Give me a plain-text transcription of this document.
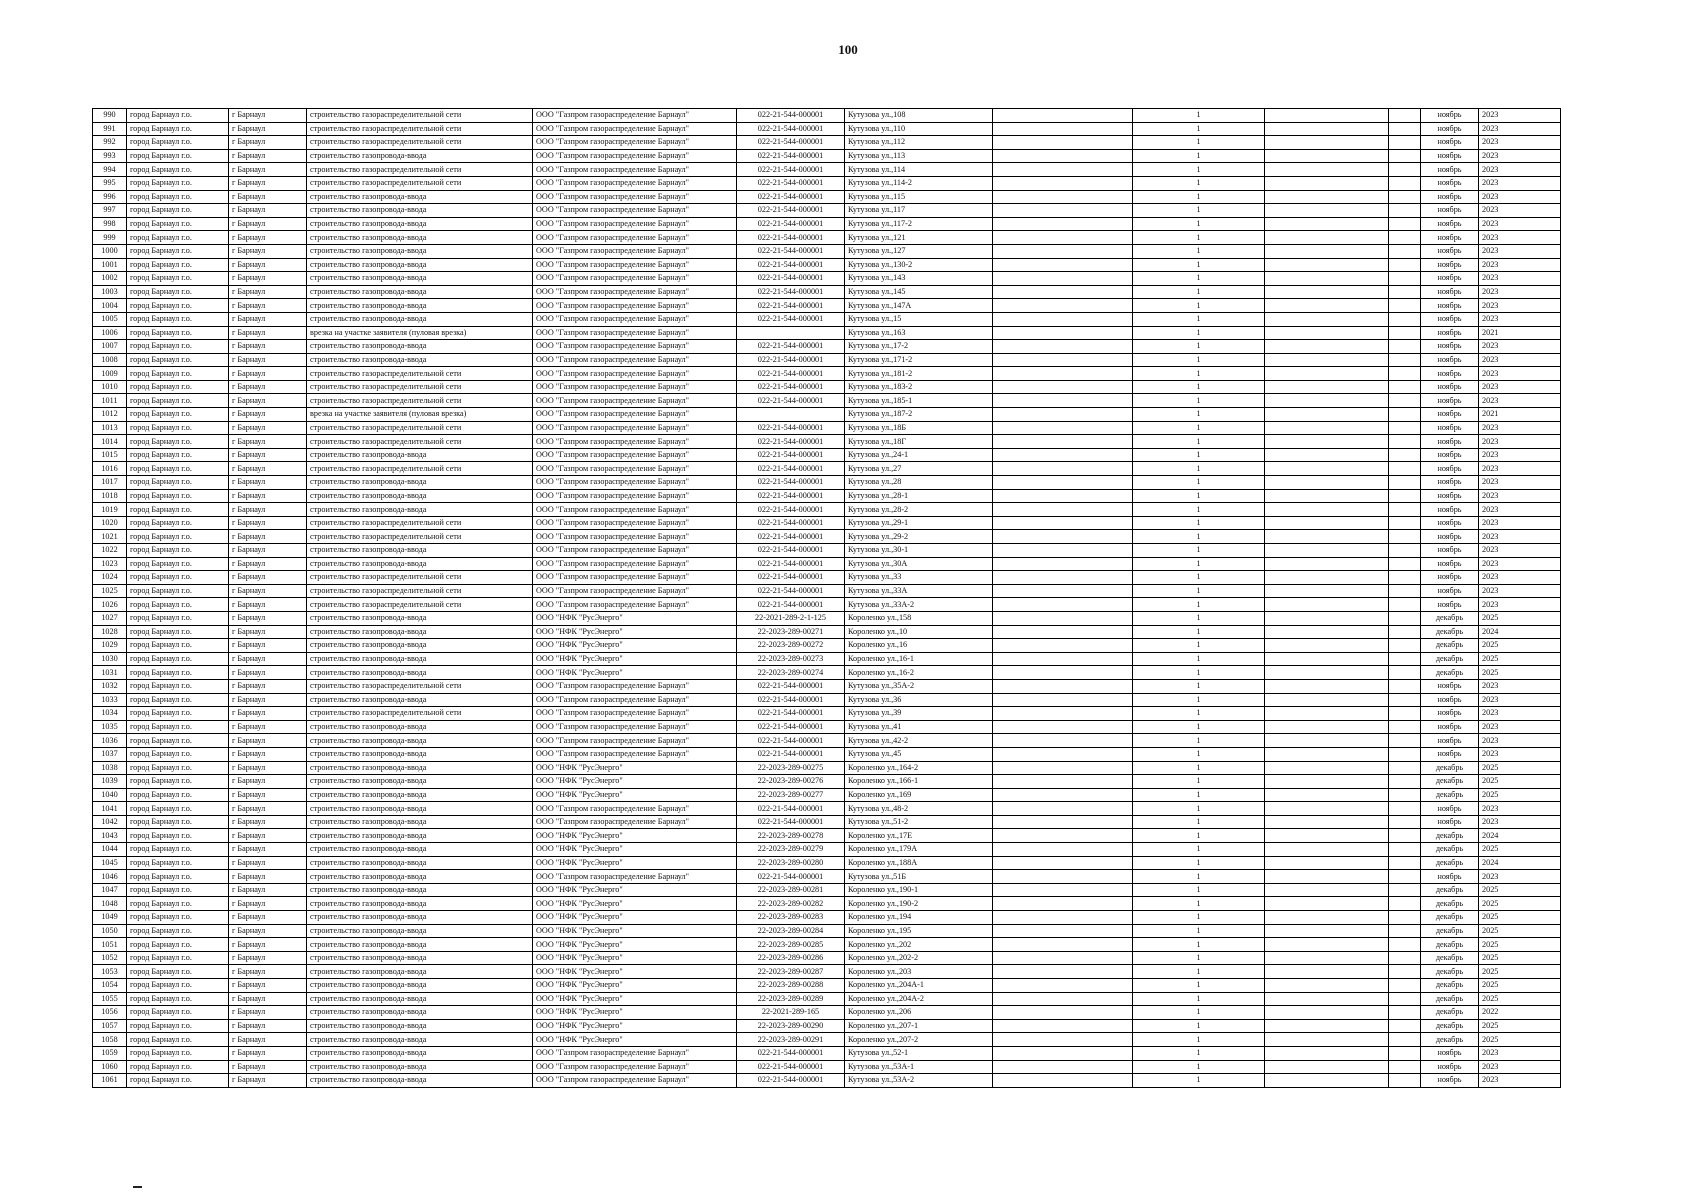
100
990	город Барнаул г.о.	г Барнаул	строительство газораспределительной сети	ООО "Газпром газораспределение Барнаул"	022-21-544-000001	Кутузова ул.,108		1			ноябрь	2023
991	город Барнаул г.о.	г Барнаул	строительство газораспределительной сети	ООО "Газпром газораспределение Барнаул"	022-21-544-000001	Кутузова ул.,110		1			ноябрь	2023
992	город Барнаул г.о.	г Барнаул	строительство газораспределительной сети	ООО "Газпром газораспределение Барнаул"	022-21-544-000001	Кутузова ул.,112		1			ноябрь	2023
993	город Барнаул г.о.	г Барнаул	строительство газопровода-ввода	ООО "Газпром газораспределение Барнаул"	022-21-544-000001	Кутузова ул.,113		1			ноябрь	2023
994	город Барнаул г.о.	г Барнаул	строительство газораспределительной сети	ООО "Газпром газораспределение Барнаул"	022-21-544-000001	Кутузова ул.,114		1			ноябрь	2023
995	город Барнаул г.о.	г Барнаул	строительство газораспределительной сети	ООО "Газпром газораспределение Барнаул"	022-21-544-000001	Кутузова ул.,114-2		1			ноябрь	2023
996	город Барнаул г.о.	г Барнаул	строительство газопровода-ввода	ООО "Газпром газораспределение Барнаул"	022-21-544-000001	Кутузова ул.,115		1			ноябрь	2023
997	город Барнаул г.о.	г Барнаул	строительство газопровода-ввода	ООО "Газпром газораспределение Барнаул"	022-21-544-000001	Кутузова ул.,117		1			ноябрь	2023
998	город Барнаул г.о.	г Барнаул	строительство газопровода-ввода	ООО "Газпром газораспределение Барнаул"	022-21-544-000001	Кутузова ул.,117-2		1			ноябрь	2023
999	город Барнаул г.о.	г Барнаул	строительство газопровода-ввода	ООО "Газпром газораспределение Барнаул"	022-21-544-000001	Кутузова ул.,121		1			ноябрь	2023
1000	город Барнаул г.о.	г Барнаул	строительство газопровода-ввода	ООО "Газпром газораспределение Барнаул"	022-21-544-000001	Кутузова ул.,127		1			ноябрь	2023
1001	город Барнаул г.о.	г Барнаул	строительство газопровода-ввода	ООО "Газпром газораспределение Барнаул"	022-21-544-000001	Кутузова ул.,130-2		1			ноябрь	2023
1002	город Барнаул г.о.	г Барнаул	строительство газопровода-ввода	ООО "Газпром газораспределение Барнаул"	022-21-544-000001	Кутузова ул.,143		1			ноябрь	2023
1003	город Барнаул г.о.	г Барнаул	строительство газопровода-ввода	ООО "Газпром газораспределение Барнаул"	022-21-544-000001	Кутузова ул.,145		1			ноябрь	2023
1004	город Барнаул г.о.	г Барнаул	строительство газопровода-ввода	ООО "Газпром газораспределение Барнаул"	022-21-544-000001	Кутузова ул.,147А		1			ноябрь	2023
1005	город Барнаул г.о.	г Барнаул	строительство газопровода-ввода	ООО "Газпром газораспределение Барнаул"	022-21-544-000001	Кутузова ул.,15		1			ноябрь	2023
1006	город Барнаул г.о.	г Барнаул	врезка на участке заявителя (пуловая врезка)	ООО "Газпром газораспределение Барнаул"		Кутузова ул.,163		1			ноябрь	2021
1007	город Барнаул г.о.	г Барнаул	строительство газопровода-ввода	ООО "Газпром газораспределение Барнаул"	022-21-544-000001	Кутузова ул.,17-2		1			ноябрь	2023
1008	город Барнаул г.о.	г Барнаул	строительство газопровода-ввода	ООО "Газпром газораспределение Барнаул"	022-21-544-000001	Кутузова ул.,171-2		1			ноябрь	2023
1009	город Барнаул г.о.	г Барнаул	строительство газораспределительной сети	ООО "Газпром газораспределение Барнаул"	022-21-544-000001	Кутузова ул.,181-2		1			ноябрь	2023
1010	город Барнаул г.о.	г Барнаул	строительство газораспределительной сети	ООО "Газпром газораспределение Барнаул"	022-21-544-000001	Кутузова ул.,183-2		1			ноябрь	2023
1011	город Барнаул г.о.	г Барнаул	строительство газораспределительной сети	ООО "Газпром газораспределение Барнаул"	022-21-544-000001	Кутузова ул.,185-1		1			ноябрь	2023
1012	город Барнаул г.о.	г Барнаул	врезка на участке заявителя (пуловая врезка)	ООО "Газпром газораспределение Барнаул"		Кутузова ул.,187-2		1			ноябрь	2021
1013	город Барнаул г.о.	г Барнаул	строительство газораспределительной сети	ООО "Газпром газораспределение Барнаул"	022-21-544-000001	Кутузова ул.,18Б		1			ноябрь	2023
1014	город Барнаул г.о.	г Барнаул	строительство газораспределительной сети	ООО "Газпром газораспределение Барнаул"	022-21-544-000001	Кутузова ул.,18Г		1			ноябрь	2023
1015	город Барнаул г.о.	г Барнаул	строительство газопровода-ввода	ООО "Газпром газораспределение Барнаул"	022-21-544-000001	Кутузова ул.,24-1		1			ноябрь	2023
1016	город Барнаул г.о.	г Барнаул	строительство газораспределительной сети	ООО "Газпром газораспределение Барнаул"	022-21-544-000001	Кутузова ул.,27		1			ноябрь	2023
1017	город Барнаул г.о.	г Барнаул	строительство газопровода-ввода	ООО "Газпром газораспределение Барнаул"	022-21-544-000001	Кутузова ул.,28		1			ноябрь	2023
1018	город Барнаул г.о.	г Барнаул	строительство газопровода-ввода	ООО "Газпром газораспределение Барнаул"	022-21-544-000001	Кутузова ул.,28-1		1			ноябрь	2023
1019	город Барнаул г.о.	г Барнаул	строительство газопровода-ввода	ООО "Газпром газораспределение Барнаул"	022-21-544-000001	Кутузова ул.,28-2		1			ноябрь	2023
1020	город Барнаул г.о.	г Барнаул	строительство газораспределительной сети	ООО "Газпром газораспределение Барнаул"	022-21-544-000001	Кутузова ул.,29-1		1			ноябрь	2023
1021	город Барнаул г.о.	г Барнаул	строительство газораспределительной сети	ООО "Газпром газораспределение Барнаул"	022-21-544-000001	Кутузова ул.,29-2		1			ноябрь	2023
1022	город Барнаул г.о.	г Барнаул	строительство газопровода-ввода	ООО "Газпром газораспределение Барнаул"	022-21-544-000001	Кутузова ул.,30-1		1			ноябрь	2023
1023	город Барнаул г.о.	г Барнаул	строительство газопровода-ввода	ООО "Газпром газораспределение Барнаул"	022-21-544-000001	Кутузова ул.,30А		1			ноябрь	2023
1024	город Барнаул г.о.	г Барнаул	строительство газораспределительной сети	ООО "Газпром газораспределение Барнаул"	022-21-544-000001	Кутузова ул.,33		1			ноябрь	2023
1025	город Барнаул г.о.	г Барнаул	строительство газораспределительной сети	ООО "Газпром газораспределение Барнаул"	022-21-544-000001	Кутузова ул.,33А		1			ноябрь	2023
1026	город Барнаул г.о.	г Барнаул	строительство газораспределительной сети	ООО "Газпром газораспределение Барнаул"	022-21-544-000001	Кутузова ул.,33А-2		1			ноябрь	2023
1027	город Барнаул г.о.	г Барнаул	строительство газопровода-ввода	ООО "НФК "РусЭнерго"	22-2021-289-2-1-125	Короленко ул.,158		1			декабрь	2025
1028	город Барнаул г.о.	г Барнаул	строительство газопровода-ввода	ООО "НФК "РусЭнерго"	22-2023-289-00271	Короленко ул.,10		1			декабрь	2024
1029	город Барнаул г.о.	г Барнаул	строительство газопровода-ввода	ООО "НФК "РусЭнерго"	22-2023-289-00272	Короленко ул.,16		1			декабрь	2025
1030	город Барнаул г.о.	г Барнаул	строительство газопровода-ввода	ООО "НФК "РусЭнерго"	22-2023-289-00273	Короленко ул.,16-1		1			декабрь	2025
1031	город Барнаул г.о.	г Барнаул	строительство газопровода-ввода	ООО "НФК "РусЭнерго"	22-2023-289-00274	Короленко ул.,16-2		1			декабрь	2025
1032	город Барнаул г.о.	г Барнаул	строительство газораспределительной сети	ООО "Газпром газораспределение Барнаул"	022-21-544-000001	Кутузова ул.,35А-2		1			ноябрь	2023
1033	город Барнаул г.о.	г Барнаул	строительство газопровода-ввода	ООО "Газпром газораспределение Барнаул"	022-21-544-000001	Кутузова ул.,36		1			ноябрь	2023
1034	город Барнаул г.о.	г Барнаул	строительство газораспределительной сети	ООО "Газпром газораспределение Барнаул"	022-21-544-000001	Кутузова ул.,39		1			ноябрь	2023
1035	город Барнаул г.о.	г Барнаул	строительство газопровода-ввода	ООО "Газпром газораспределение Барнаул"	022-21-544-000001	Кутузова ул.,41		1			ноябрь	2023
1036	город Барнаул г.о.	г Барнаул	строительство газопровода-ввода	ООО "Газпром газораспределение Барнаул"	022-21-544-000001	Кутузова ул.,42-2		1			ноябрь	2023
1037	город Барнаул г.о.	г Барнаул	строительство газопровода-ввода	ООО "Газпром газораспределение Барнаул"	022-21-544-000001	Кутузова ул.,45		1			ноябрь	2023
1038	город Барнаул г.о.	г Барнаул	строительство газопровода-ввода	ООО "НФК "РусЭнерго"	22-2023-289-00275	Короленко ул.,164-2		1			декабрь	2025
1039	город Барнаул г.о.	г Барнаул	строительство газопровода-ввода	ООО "НФК "РусЭнерго"	22-2023-289-00276	Короленко ул.,166-1		1			декабрь	2025
1040	город Барнаул г.о.	г Барнаул	строительство газопровода-ввода	ООО "НФК "РусЭнерго"	22-2023-289-00277	Короленко ул.,169		1			декабрь	2025
1041	город Барнаул г.о.	г Барнаул	строительство газопровода-ввода	ООО "Газпром газораспределение Барнаул"	022-21-544-000001	Кутузова ул.,48-2		1			ноябрь	2023
1042	город Барнаул г.о.	г Барнаул	строительство газопровода-ввода	ООО "Газпром газораспределение Барнаул"	022-21-544-000001	Кутузова ул.,51-2		1			ноябрь	2023
1043	город Барнаул г.о.	г Барнаул	строительство газопровода-ввода	ООО "НФК "РусЭнерго"	22-2023-289-00278	Короленко ул.,17Е		1			декабрь	2024
1044	город Барнаул г.о.	г Барнаул	строительство газопровода-ввода	ООО "НФК "РусЭнерго"	22-2023-289-00279	Короленко ул.,179А		1			декабрь	2025
1045	город Барнаул г.о.	г Барнаул	строительство газопровода-ввода	ООО "НФК "РусЭнерго"	22-2023-289-00280	Короленко ул.,188А		1			декабрь	2024
1046	город Барнаул г.о.	г Барнаул	строительство газопровода-ввода	ООО "Газпром газораспределение Барнаул"	022-21-544-000001	Кутузова ул.,51Б		1			ноябрь	2023
1047	город Барнаул г.о.	г Барнаул	строительство газопровода-ввода	ООО "НФК "РусЭнерго"	22-2023-289-00281	Короленко ул.,190-1		1			декабрь	2025
1048	город Барнаул г.о.	г Барнаул	строительство газопровода-ввода	ООО "НФК "РусЭнерго"	22-2023-289-00282	Короленко ул.,190-2		1			декабрь	2025
1049	город Барнаул г.о.	г Барнаул	строительство газопровода-ввода	ООО "НФК "РусЭнерго"	22-2023-289-00283	Короленко ул.,194		1			декабрь	2025
1050	город Барнаул г.о.	г Барнаул	строительство газопровода-ввода	ООО "НФК "РусЭнерго"	22-2023-289-00284	Короленко ул.,195		1			декабрь	2025
1051	город Барнаул г.о.	г Барнаул	строительство газопровода-ввода	ООО "НФК "РусЭнерго"	22-2023-289-00285	Короленко ул.,202		1			декабрь	2025
1052	город Барнаул г.о.	г Барнаул	строительство газопровода-ввода	ООО "НФК "РусЭнерго"	22-2023-289-00286	Короленко ул.,202-2		1			декабрь	2025
1053	город Барнаул г.о.	г Барнаул	строительство газопровода-ввода	ООО "НФК "РусЭнерго"	22-2023-289-00287	Короленко ул.,203		1			декабрь	2025
1054	город Барнаул г.о.	г Барнаул	строительство газопровода-ввода	ООО "НФК "РусЭнерго"	22-2023-289-00288	Короленко ул.,204А-1		1			декабрь	2025
1055	город Барнаул г.о.	г Барнаул	строительство газопровода-ввода	ООО "НФК "РусЭнерго"	22-2023-289-00289	Короленко ул.,204А-2		1			декабрь	2025
1056	город Барнаул г.о.	г Барнаул	строительство газопровода-ввода	ООО "НФК "РусЭнерго"	22-2021-289-165	Короленко ул.,206		1			декабрь	2022
1057	город Барнаул г.о.	г Барнаул	строительство газопровода-ввода	ООО "НФК "РусЭнерго"	22-2023-289-00290	Короленко ул.,207-1		1			декабрь	2025
1058	город Барнаул г.о.	г Барнаул	строительство газопровода-ввода	ООО "НФК "РусЭнерго"	22-2023-289-00291	Короленко ул.,207-2		1			декабрь	2025
1059	город Барнаул г.о.	г Барнаул	строительство газопровода-ввода	ООО "Газпром газораспределение Барнаул"	022-21-544-000001	Кутузова ул.,52-1		1			ноябрь	2023
1060	город Барнаул г.о.	г Барнаул	строительство газопровода-ввода	ООО "Газпром газораспределение Барнаул"	022-21-544-000001	Кутузова ул.,53А-1		1			ноябрь	2023
1061	город Барнаул г.о.	г Барнаул	строительство газопровода-ввода	ООО "Газпром газораспределение Барнаул"	022-21-544-000001	Кутузова ул.,53А-2		1			ноябрь	2023
